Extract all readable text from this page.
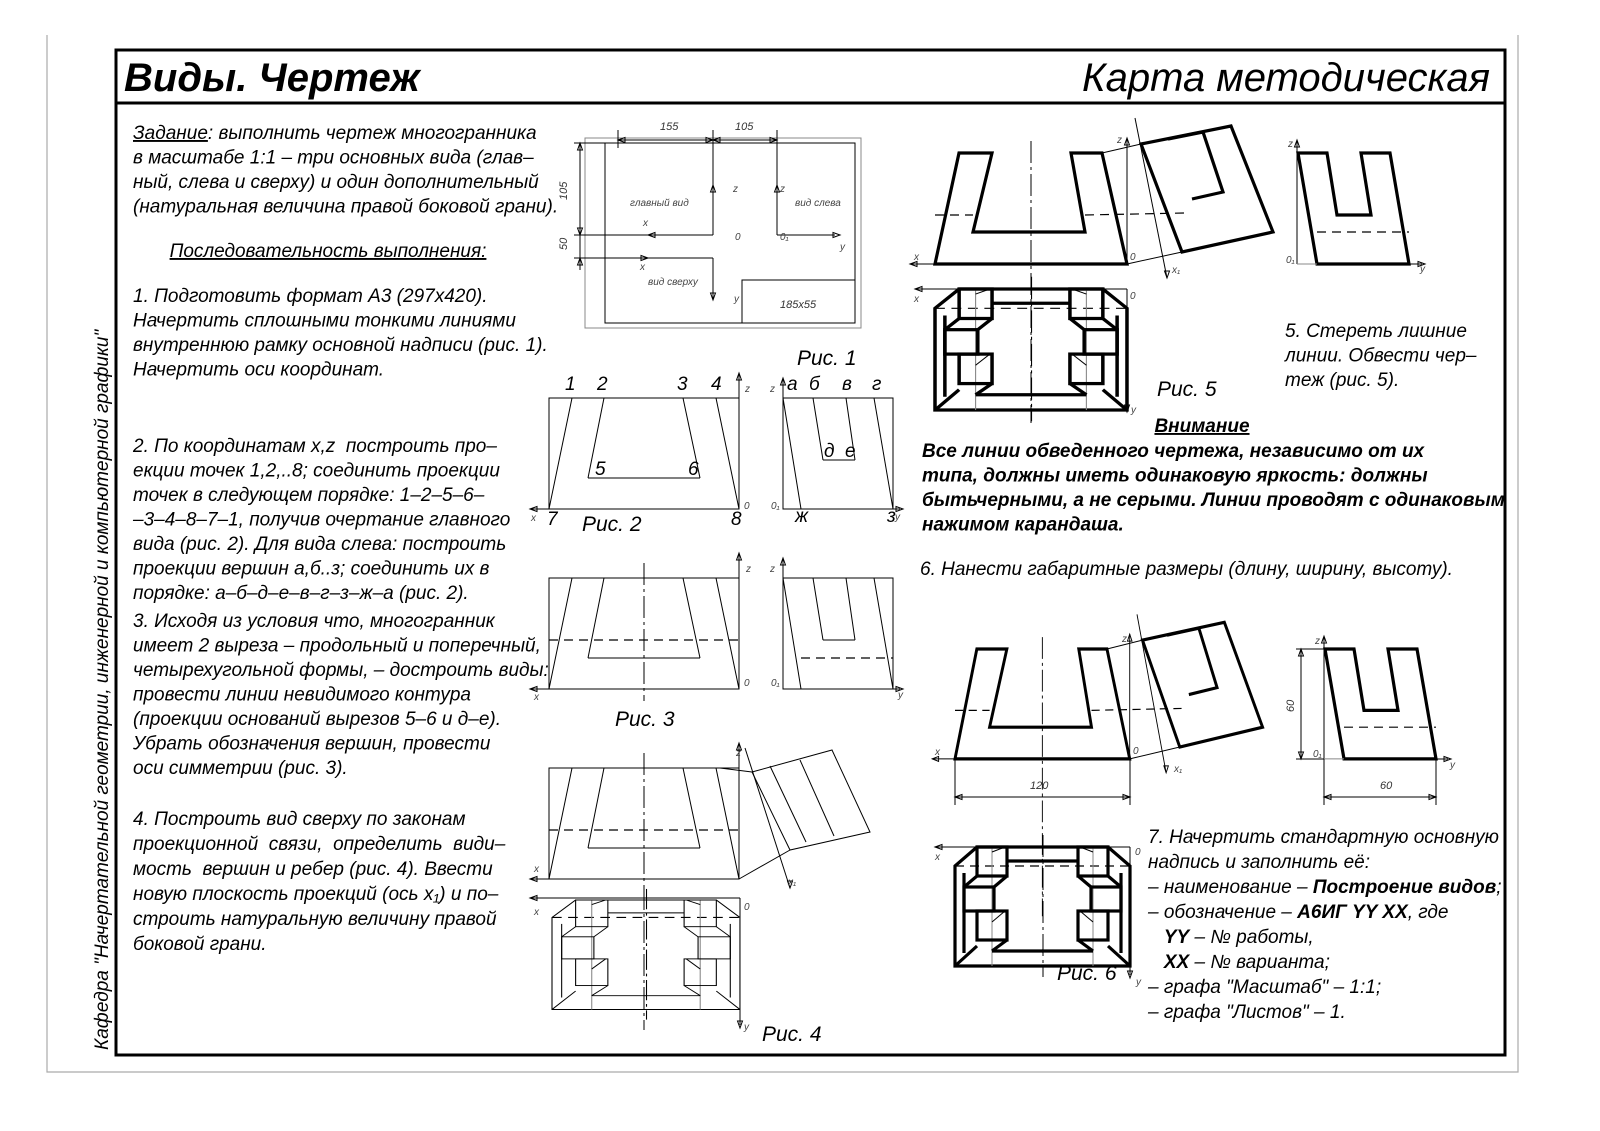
Виды. Чертеж	Карта методическая
Кафедра "Начертательной геометрии, инженерной и компьютерной графики"
Задание: выполнить чертеж многогранника
в масштабе 1:1 – три основных вида (глав–
ный, слева и сверху) и один дополнительный
(натуральная величина правой боковой грани).
Последовательность выполнения:
1. Подготовить формат А3 (297x420).
Начертить сплошными тонкими линиями
внутреннюю рамку основной надписи (рис. 1).
Начертить оси координат.
2. По координатам x,z  построить про–
екции точек 1,2,..8; соединить проекции
точек в следующем порядке: 1–2–5–6–
–3–4–8–7–1, получив очертание главного
вида (рис. 2). Для вида слева: построить
проекции вершин а,б..з; соединить их в
порядке: а–б–д–е–в–г–з–ж–а (рис. 2).
3. Исходя из условия что, многогранник
имеет 2 выреза – продольный и поперечный,
четырехугольной формы, – достроить виды:
провести линии невидимого контура
(проекции оснований вырезов 5–6 и д–е).
Убрать обозначения вершин, провести
оси симметрии (рис. 3).
4. Построить вид сверху по законам
проекционной  связи,  определить  види–
мость  вершин и ребер (рис. 4). Ввести
новую плоскость проекций (ось x₁) и по–
строить натуральную величину правой
боковой грани.
5. Стереть лишние
линии. Обвести чер–
теж (рис. 5).
Внимание
Все линии обведенного чертежа, независимо от их
типа, должны иметь одинаковую яркость: должны
бытьчерными, а не серыми. Линии проводят с одинаковым
нажимом карандаша.
6. Нанести габаритные размеры (длину, ширину, высоту).
7. Начертить стандартную основную
надпись и заполнить её:
– наименование – Построение видов;
– обозначение – А6ИГ YY XX, где
YY – № работы,
XX – № варианта;
– графа "Масштаб" – 1:1;
– графа "Листов" – 1.
155	105
105
50
главный вид	вид слева
вид сверху
185x55
z	z
x
x
y
y
0	0₁
Рис. 1
1 2	3 4
5	6
7	8
а б в г
д е
ж	з
z z
x	y
0 0₁
Рис. 2
z z
x	y
0 0₁
Рис. 3
z
x
x
x₁
0
y Рис. 4
z	z
x
x
0
0
0₁
x₁
y
y
Рис. 5
120
60
60
z	z
x
x
0
0
0₁
x₁
y
y
Рис. 6
